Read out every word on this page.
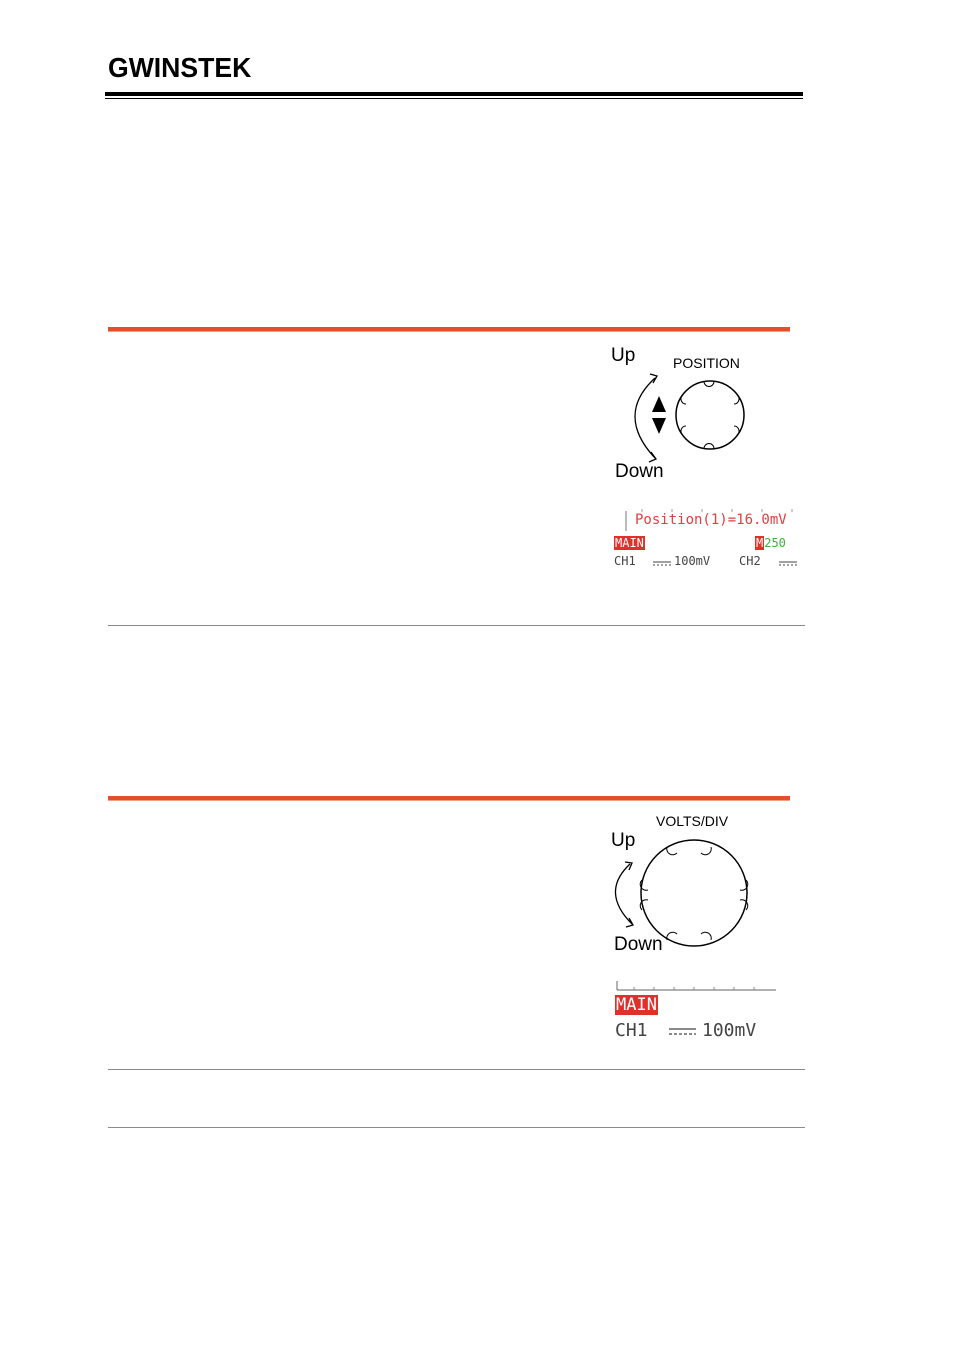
GWINSTEK
Up	POSITION
Down
Position(1)=16.0mV
MAIN	M250
CH1	100mV CH2
VOLTS/DIV
Up
Down
MAIN
CH1	100mV
